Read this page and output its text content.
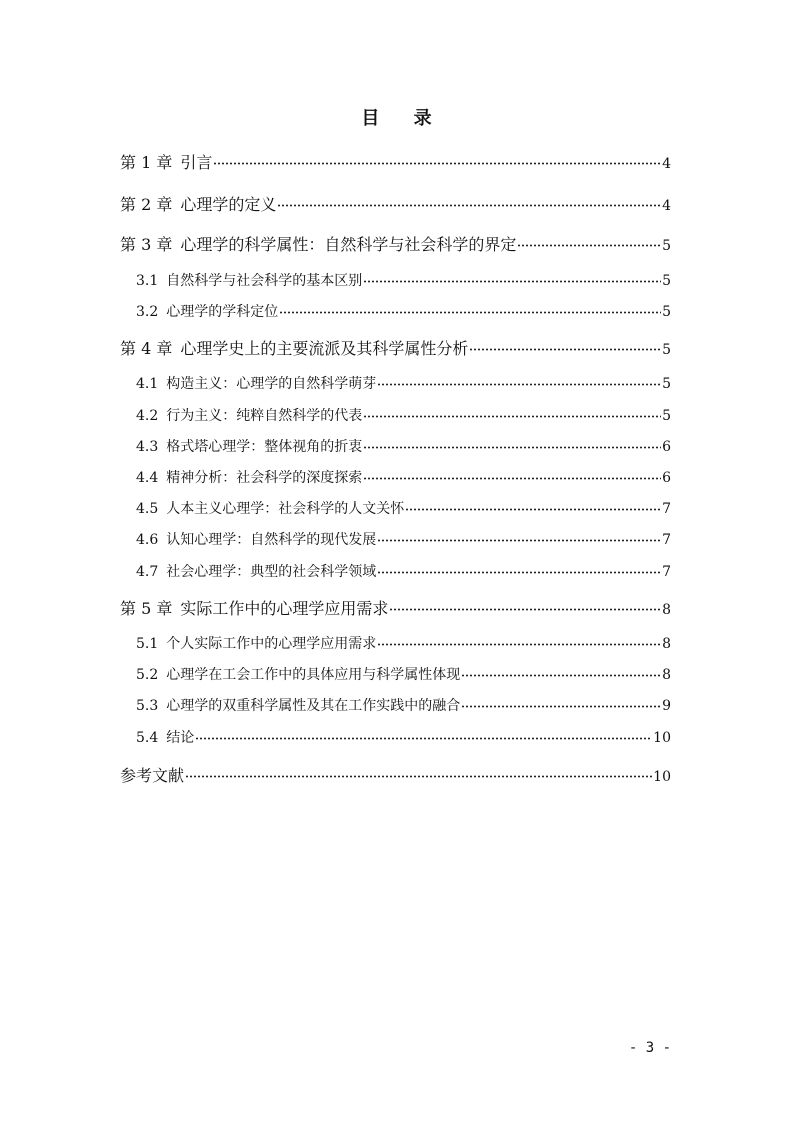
目 录
第 1 章 引言	4
第 2 章 心理学的定义	4
第 3 章 心理学的科学属性：自然科学与社会科学的界定	5
3.1 自然科学与社会科学的基本区别	5
3.2 心理学的学科定位	5
第 4 章 心理学史上的主要流派及其科学属性分析	5
4.1 构造主义：心理学的自然科学萌芽	5
4.2 行为主义：纯粹自然科学的代表	5
4.3 格式塔心理学：整体视角的折衷	6
4.4 精神分析：社会科学的深度探索	6
4.5 人本主义心理学：社会科学的人文关怀	7
4.6 认知心理学：自然科学的现代发展	7
4.7 社会心理学：典型的社会科学领域	7
第 5 章 实际工作中的心理学应用需求	8
5.1 个人实际工作中的心理学应用需求	8
5.2 心理学在工会工作中的具体应用与科学属性体现	8
5.3 心理学的双重科学属性及其在工作实践中的融合	9
5.4 结论	10
参考文献	10
- 3 -
